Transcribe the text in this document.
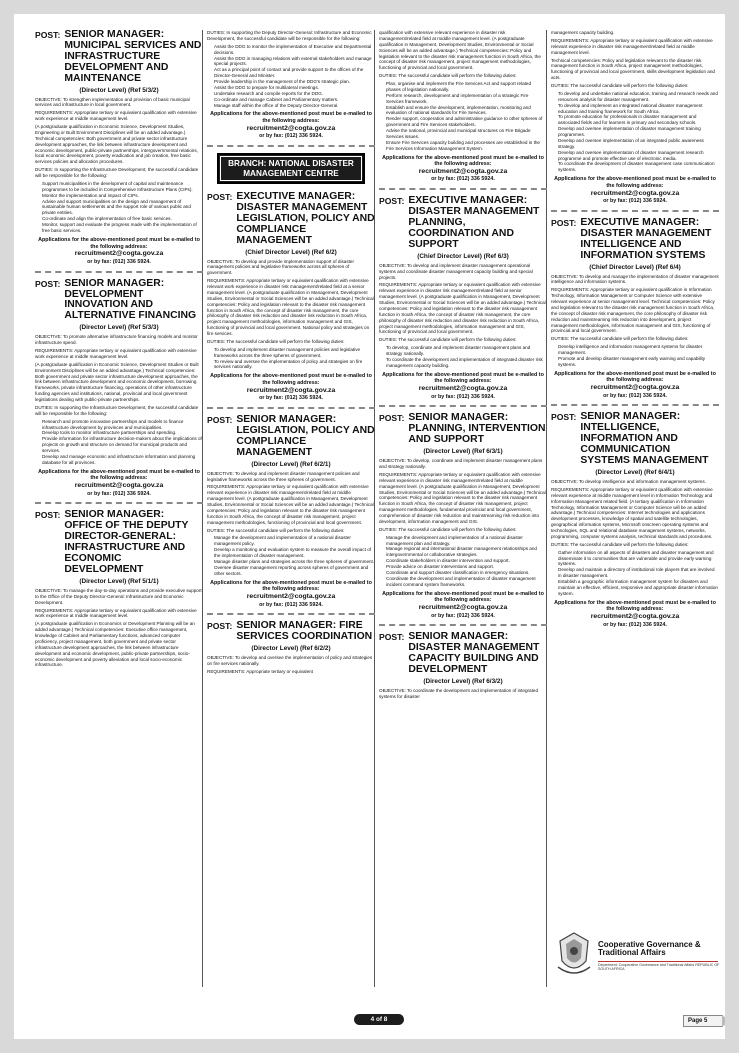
POST: SENIOR MANAGER: MUNICIPAL SERVICES AND INFRASTRUCTURE DEVELOPMENT AND MAINTENANCE
(Director Level) (Ref 5/3/2)

OBJECTIVE: To strengthen implementation and provision of basic municipal services and infrastructure in local government.

REQUIREMENTS: Appropriate tertiary or equivalent qualification with extensive work experience at middle management level.

(A postgraduate qualification in Economic Science, Development Studies, Engineering or Built Environment Disciplines will be an added advantage.) Technical competencies: Both government and private sector infrastructure development approaches, the link between infrastructure development and economic development, public-private partnerships, intergovernmental relations, local economic development, poverty eradication and job creation, free basic services policies and allocation procedures.

DUTIES: In supporting the Infrastructure Development, the successful candidate will be responsible for the following:

• Support municipalities in the development of capital and maintenance programmes to be included in Comprehensive Infrastructure Plans (CIPs).
• Monitor the implementation and impact of CIPs.
• Advise and support municipalities on the design and management of sustainable human settlements and the support role of various public and private entities.
• Co-ordinate and align the implementation of free basic services.
• Monitor, support and evaluate the progress made with the implementation of free basic services.
Applications for the above-mentioned post must be e-mailed to the following address:
recruitment2@cogta.gov.za
or by fax: (012) 336 5924.
POST: SENIOR MANAGER: DEVELOPMENT INNOVATION AND ALTERNATIVE FINANCING
(Director Level) (Ref 5/3/3)

OBJECTIVE: To promote alternative infrastructure financing models and monitor infrastructure spend.

REQUIREMENTS: Appropriate tertiary or equivalent qualification with extensive work experience at middle management level.

(A postgraduate qualification in Economic Science, Development Studies or Built Environment Disciplines will be an added advantage.) Technical competencies: Both government and private sector infrastructure development approaches, the link between infrastructure development and economic development, borrowing frameworks, private infrastructure financing, operations of other infrastructure funding agencies and institutions, national, provincial and local government legislations dealing with public-private partnerships.

DUTIES: In supporting the Infrastructure Development, the successful candidate will be responsible for the following:

• Research and promote innovative partnerships and models to finance infrastructure development by provinces and municipalities.
• Develop tools to monitor infrastructure partnerships and spending.
• Provide information for infrastructure decision-makers about the implications of projects on growth and structure on demand for municipal products and services.
• Develop and manage economic and infrastructure information and planning database for all provinces.
Applications for the above-mentioned post must be e-mailed to the following address:
recruitment2@cogta.gov.za
or by fax: (012) 336 5924.
POST: SENIOR MANAGER: OFFICE OF THE DEPUTY DIRECTOR-GENERAL: INFRASTRUCTURE AND ECONOMIC DEVELOPMENT
(Director Level) (Ref 5/1/1)

OBJECTIVE: To manage the day-to-day operations and provide executive support to the Office of the Deputy Director-General: Infrastructure and Economic Development.

REQUIREMENTS: Appropriate tertiary or equivalent qualification with extensive work experience at middle management level.

(A postgraduate qualification in Economics or Development Planning will be an added advantage.) Technical competencies: Executive office management, knowledge of Cabinet and Parliamentary functions, advanced computer proficiency, project management, both government and private sector infrastructure development approaches, the link between infrastructure development and economic development, public-private partnerships, socio-economic development and poverty alleviation and local socio-economic infrastructure.

DUTIES: In supporting the Deputy Director-General: Infrastructure and Economic Development, the successful candidate will be responsible for the following:

• Assist the DDG to monitor the implementation of Executive and Departmental decisions.
• Assist the DDG in managing relations with external stakeholders and manage special projects.
• Act as a principal point of contact and provide support to the offices of the Director-General and Minister.
• Provide leadership in the management of the DDG's strategic plan.
• Assist the DDG to prepare for multilateral meetings.
• Undertake research and compile reports for the DDG.
• Co-ordinate and manage Cabinet and Parliamentary matters.
• Manage staff within the office of the Deputy Director-General.
Applications for the above-mentioned post must be e-mailed to the following address:
recruitment2@cogta.gov.za
or by fax: (012) 336 5924.
BRANCH: NATIONAL DISASTER MANAGEMENT CENTRE
POST: EXECUTIVE MANAGER: DISASTER MANAGEMENT LEGISLATION, POLICY AND COMPLIANCE MANAGEMENT
(Chief Director Level) (Ref 6/2)

OBJECTIVE: To develop and provide implementation support of disaster management policies and legislative frameworks across all spheres of government.

REQUIREMENTS: Appropriate tertiary or equivalent qualification with extensive relevant work experience in disaster risk management/related field at a senior management level. (A postgraduate qualification in Management, Development Studies, Environmental or Social Sciences will be an added advantage.) Technical competencies: Policy and legislation relevant to the disaster risk management function in South Africa, the concept of disaster risk management, the core philosophy of disaster risk reduction and disaster risk reduction in South Africa, project management methodologies, information management and GIS, functioning of provincial and local government. National policy and strategies on fire services.

DUTIES: The successful candidate will perform the following duties:

• To develop and implement disaster management policies and legislative frameworks across the three spheres of government.
• To review and oversee the implementation of policy and strategies on fire services nationally.
Applications for the above-mentioned post must be e-mailed to the following address:
recruitment2@cogta.gov.za
or by fax: (012) 336 5924.
POST: SENIOR MANAGER: LEGISLATION, POLICY AND COMPLIANCE MANAGEMENT
(Director Level) (Ref 6/2/1)

OBJECTIVE: To develop and implement disaster management policies and legislative frameworks across the three spheres of government.

REQUIREMENTS: Appropriate tertiary or equivalent qualification with extensive relevant experience in disaster risk management/related field at middle management level. (A postgraduate qualification in Management, Development Studies, Environmental or Social Sciences will be an added advantage.) Technical competencies: Policy and legislation relevant to the disaster risk management function in South Africa, the concept of disaster risk management, project management methodologies, functioning of provincial and local government.

DUTIES: The successful candidate will perform the following duties:

• Manage the development and implementation of a national disaster management policy.
• Develop a monitoring and evaluation system to measure the overall impact of the implementation of disaster management.
• Manage disaster plans and strategies across the three spheres of government.
• Oversee disaster management reporting across spheres of government and other sectors.
Applications for the above-mentioned post must be e-mailed to the following address:
recruitment2@cogta.gov.za
or by fax: (012) 336 5924.
POST: SENIOR MANAGER: FIRE SERVICES COORDINATION
(Director Level) (Ref 6/2/2)

OBJECTIVE: To develop and oversee the implementation of policy and strategies on fire services nationally.

REQUIREMENTS: Appropriate tertiary or equivalent

qualification with extensive relevant experience in disaster risk management/related field at middle management level. (A postgraduate qualification in Management, Development Studies, Environmental or Social Sciences will be an added advantage.) Technical competencies: Policy and legislation relevant to the disaster risk management function in South Africa, the concept of disaster risk management, project management methodologies, functioning of provincial and local government.

DUTIES: The successful candidate will perform the following duties:

• Plan, organise and implement the Fire Services Act and support related phases of legislation nationally.
• Perform research, development and implementation of a strategic Fire Services framework.
• Establish and ensure the development, implementation, monitoring and evaluation of national standards for Fire Services.
• Render support, cooperation and administrative guidance to other spheres of government and Fire Services stakeholders.
• Advise the national, provincial and municipal structures on Fire Brigade Services issues.
• Ensure Fire Services capacity building and processes are established in the Fire Services Information Management System.
Applications for the above-mentioned post must be e-mailed to the following address:
recruitment2@cogta.gov.za
or by fax: (012) 336 5924.
POST: EXECUTIVE MANAGER: DISASTER MANAGEMENT PLANNING, COORDINATION AND SUPPORT
(Chief Director Level) (Ref 6/3)

OBJECTIVE: To develop and implement disaster management operational systems and coordinate disaster management capacity building and special projects.

REQUIREMENTS: Appropriate tertiary or equivalent qualification with extensive relevant experience in disaster risk management/related field at senior management level. (A postgraduate qualification in Management, Development Studies, Environmental or Social Sciences will be an added advantage.) Technical competencies: Policy and legislation relevant to the disaster risk management function in South Africa, the concept of disaster risk management, the core philosophy of disaster risk reduction and disaster risk reduction in South Africa, project management methodologies, information management and GIS, functioning of provincial and local government.

DUTIES: The successful candidate will perform the following duties:

• To develop, coordinate and implement disaster management plans and strategy nationally.
• To coordinate the development and implementation of integrated disaster risk management capacity building.
Applications for the above-mentioned post must be e-mailed to the following address:
recruitment2@cogta.gov.za
or by fax: (012) 336 5924.
POST: SENIOR MANAGER: PLANNING, INTERVENTION AND SUPPORT
(Director Level) (Ref 6/3/1)

OBJECTIVE: To develop, coordinate and implement disaster management plans and strategy nationally.

REQUIREMENTS: Appropriate tertiary or equivalent qualification with extensive relevant experience in disaster risk management/related field at middle management level. (A postgraduate qualification in Management, Development Studies, Environmental or Social Sciences will be an added advantage.) Technical competencies: Policy and legislation relevant to the disaster risk management function in South Africa, the concept of disaster risk management, project management methodologies, fundamental provincial and local government, comprehension of disaster risk reduction and mainstreaming risk reduction into development, information management and GIS.

DUTIES: The successful candidate will perform the following duties:

• Manage the development and implementation of a national disaster management plan and strategy.
• Manage regional and international disaster management relationships and intergovernmental or collaborative strategies.
• Coordinate stakeholders in disaster intervention and support.
• Provide advice on disaster interventions and support.
• Coordinate and support disaster classification in emergency situations.
• Coordinate the development and implementation of disaster management incident command system frameworks.
Applications for the above-mentioned post must be e-mailed to the following address:
recruitment2@cogta.gov.za
or by fax: (012) 336 5924.
POST: SENIOR MANAGER: DISASTER MANAGEMENT CAPACITY BUILDING AND DEVELOPMENT
(Director Level) (Ref 6/3/2)

OBJECTIVE: To coordinate the development and implementation of integrated systems for disaster

management capacity building.

REQUIREMENTS: Appropriate tertiary or equivalent qualification with extensive relevant experience in disaster risk management/related field at middle management level.

Technical competencies: Policy and legislation relevant to the disaster risk management function in South Africa, project management methodologies, functioning of provincial and local government, skills development legislation and acts.

DUTIES: The successful candidate will perform the following duties:

• To develop and undertake national education, training and research needs and resources analysis for disaster management.
• To develop and implement an integrated national disaster management education and training framework for South Africa.
• To promote education for professionals in disaster management and associated fields and for learners in primary and secondary schools.
• Develop and oversee implementation of disaster management training programmes.
• Develop and oversee implementation of an integrated public awareness strategy.
• Develop and oversee implementation of disaster management research programme and promote effective use of electronic media.
• To coordinate the development of disaster management case communication systems.
Applications for the above-mentioned post must be e-mailed to the following address:
recruitment2@cogta.gov.za
or by fax: (012) 336 5924.
POST: EXECUTIVE MANAGER: DISASTER MANAGEMENT INTELLIGENCE AND INFORMATION SYSTEMS
(Chief Director Level) (Ref 6/4)

OBJECTIVE: To develop and manage the implementation of disaster management intelligence and information systems.

REQUIREMENTS: Appropriate tertiary or equivalent qualification in Information Technology, Information Management or Computer Science with extensive relevant experience at senior management level. Technical competencies: Policy and legislation relevant to the disaster risk management function in South Africa, the concept of disaster risk management, the core philosophy of disaster risk reduction and mainstreaming risk reduction into development, project management methodologies, information management and GIS, functioning of provincial and local government.

DUTIES: The successful candidate will perform the following duties:

• Develop intelligence and information management systems for disaster management.
• Promote and develop disaster management early warning and capability systems.
Applications for the above-mentioned post must be e-mailed to the following address:
recruitment2@cogta.gov.za
or by fax: (012) 336 5924.
POST: SENIOR MANAGER: INTELLIGENCE, INFORMATION AND COMMUNICATION SYSTEMS MANAGEMENT
(Director Level) (Ref 6/4/1)

OBJECTIVE: To develop intelligence and information management systems.

REQUIREMENTS: Appropriate tertiary or equivalent qualification with extensive relevant experience at middle management level in Information Technology and Information Management related field. (A tertiary qualification in Information Technology, Information Management or Computer Science will be an added advantage.) Technical competencies: Internet technologies and applications development processes, knowledge of spatial and satellite technologies, geographical information systems, Microsoft onscreen operating systems and technologies, SQL and relational database management systems, networks, programming, computer systems analysis, technical standards and procedures.

DUTIES: The successful candidate will perform the following duties:

• Gather information on all aspects of disasters and disaster management and disseminate it to communities that are vulnerable and provide early warning systems.
• Develop and maintain a directory of institutional role players that are involved in disaster management.
• Establish a geographic information management system for disasters and maintain an effective, efficient, responsive and appropriate disaster information system.
Applications for the above-mentioned post must be e-mailed to the following address:
recruitment2@cogta.gov.za
or by fax: (012) 336 5924.
Cooperative Governance & Traditional Affairs
Department: Cooperative Governance and Traditional Affairs REPUBLIC OF SOUTH AFRICA
4 of 8	Page 5
